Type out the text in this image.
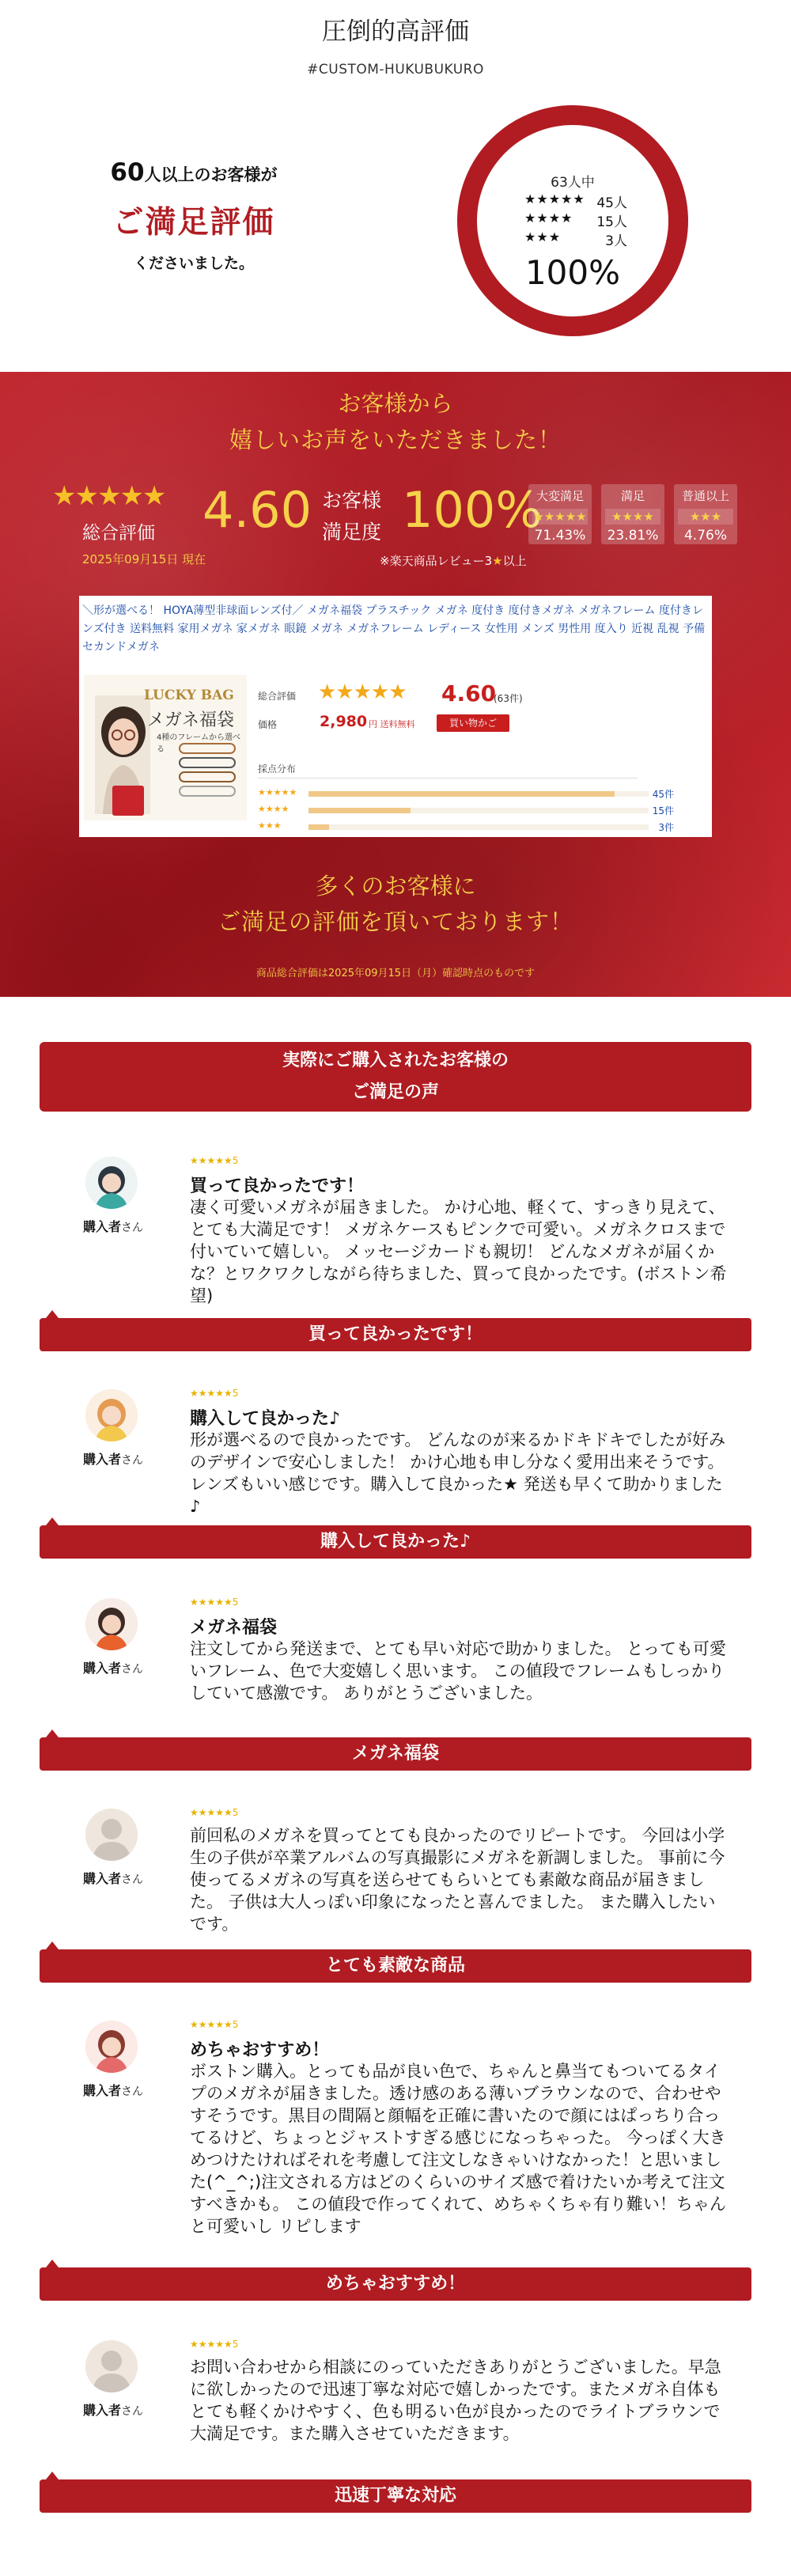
圧倒的高評価
#CUSTOM-HUKUBUKURO
60人以上のお客様が
ご満足評価
くださいました。
63人中
★★★★★ 45人
★★★★ 15人
★★★	3人
100%
お客様から
嬉しいお声をいただきました！
★★★★★
総合評価 4.60 お客様
満足度 100%
大変満足
★★★★★
71.43%
満足
★★★★
23.81%
普通以上
★★★
4.76%
2025年09月15日 現在	※楽天商品レビュー3★以上
＼形が選べる！ HOYA薄型非球面レンズ付／ メガネ福袋 プラスチック メガネ 度付き 度付きメガネ メガネフレーム 度付きレンズ付き 送料無料 家用メガネ 家メガネ 眼鏡 メガネ メガネフレーム レディース 女性用 メンズ 男性用 度入り 近視 乱視 予備 セカンドメガネ
LUCKY BAG
メガネ福袋
4種のフレームから選べる
総合評価 ★★★★★ 4.60
(63件)
価格	2,980 円 送料無料	買い物かご
採点分布
★★★★★	45件
★★★★	15件
★★★	3件
多くのお客様に
ご満足の評価を頂いております！
商品総合評価は2025年09月15日（月）確認時点のものです
実際にご購入されたお客様の
ご満足の声
購入者さん
★★★★★5
買って良かったです！
凄く可愛いメガネが届きました。 かけ心地、軽くて、すっきり見えて、とても大満足です！ メガネケースもピンクで可愛い。メガネクロスまで付いていて嬉しい。 メッセージカードも親切！ どんなメガネが届くかな？とワクワクしながら待ちました、買って良かったです。(ボストン希望)
買って良かったです！
購入者さん
★★★★★5
購入して良かった♪
形が選べるので良かったです。 どんなのが来るかドキドキでしたが好みのデザインで安心しました！ かけ心地も申し分なく愛用出来そうです。 レンズもいい感じです。購入して良かった★ 発送も早くて助かりました♪
購入して良かった♪
購入者さん
★★★★★5
メガネ福袋
注文してから発送まで、とても早い対応で助かりました。 とっても可愛いフレーム、色で大変嬉しく思います。 この値段でフレームもしっかりしていて感激です。 ありがとうございました。
メガネ福袋
購入者さん
★★★★★5
前回私のメガネを買ってとても良かったのでリピートです。 今回は小学生の子供が卒業アルバムの写真撮影にメガネを新調しました。 事前に今使ってるメガネの写真を送らせてもらいとても素敵な商品が届きました。 子供は大人っぽい印象になったと喜んでました。 また購入したいです。
とても素敵な商品
購入者さん
★★★★★5
めちゃおすすめ！
ボストン購入。とっても品が良い色で、ちゃんと鼻当てもついてるタイプのメガネが届きました。透け感のある薄いブラウンなので、合わせやすそうです。黒目の間隔と顔幅を正確に書いたので顔にはぱっちり合ってるけど、ちょっとジャストすぎる感じになっちゃった。 今っぽく大きめつけたければそれを考慮して注文しなきゃいけなかった！と思いました(^_^;)注文される方はどのくらいのサイズ感で着けたいか考えて注文すべきかも。 この値段で作ってくれて、めちゃくちゃ有り難い！ちゃんと可愛いし リピします
めちゃおすすめ！
購入者さん
★★★★★5
お問い合わせから相談にのっていただきありがとうございました。早急に欲しかったので迅速丁寧な対応で嬉しかったです。またメガネ自体もとても軽くかけやすく、色も明るい色が良かったのでライトブラウンで大満足です。また購入させていただきます。
迅速丁寧な対応
